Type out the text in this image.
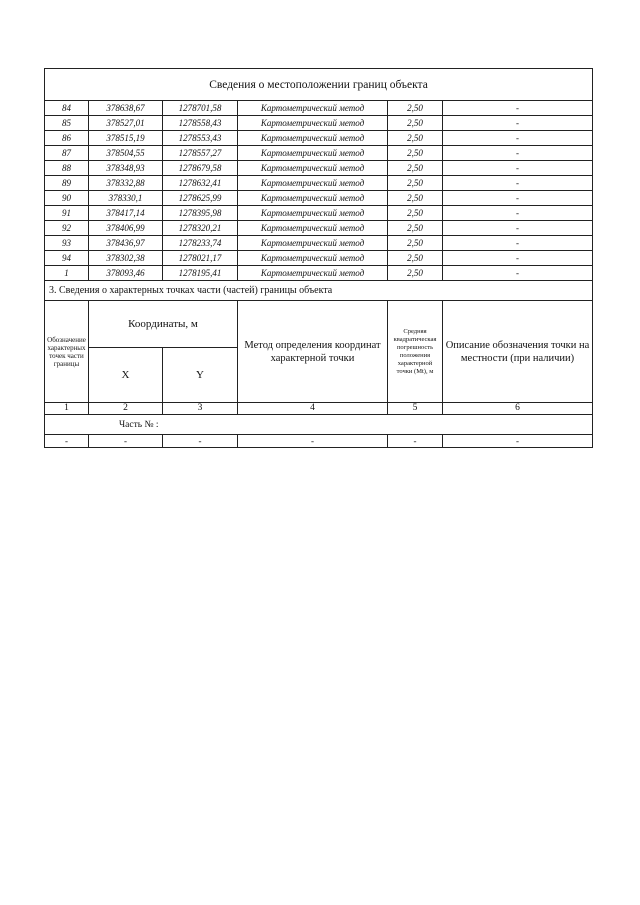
Сведения о местоположении границ объекта					
84	378638,67	1278701,58	Картометрический метод	2,50	-
85	378527,01	1278558,43	Картометрический метод	2,50	-
86	378515,19	1278553,43	Картометрический метод	2,50	-
87	378504,55	1278557,27	Картометрический метод	2,50	-
88	378348,93	1278679,58	Картометрический метод	2,50	-
89	378332,88	1278632,41	Картометрический метод	2,50	-
90	378330,1	1278625,99	Картометрический метод	2,50	-
91	378417,14	1278395,98	Картометрический метод	2,50	-
92	378406,99	1278320,21	Картометрический метод	2,50	-
93	378436,97	1278233,74	Картометрический метод	2,50	-
94	378302,38	1278021,17	Картометрический метод	2,50	-
1	378093,46	1278195,41	Картометрический метод	2,50	-
3. Сведения о характерных точках части (частей) границы объекта					
Обозначение характерных точек части границы	Координаты, м		Метод определения координат характерной точки	Средняя квадратическая погрешность положения характерной точки (Mt), м	Описание обозначения точки на местности (при наличии)
	X	Y			
1	2	3	4	5	6
Часть № :					
-	-	-	-	-	-
